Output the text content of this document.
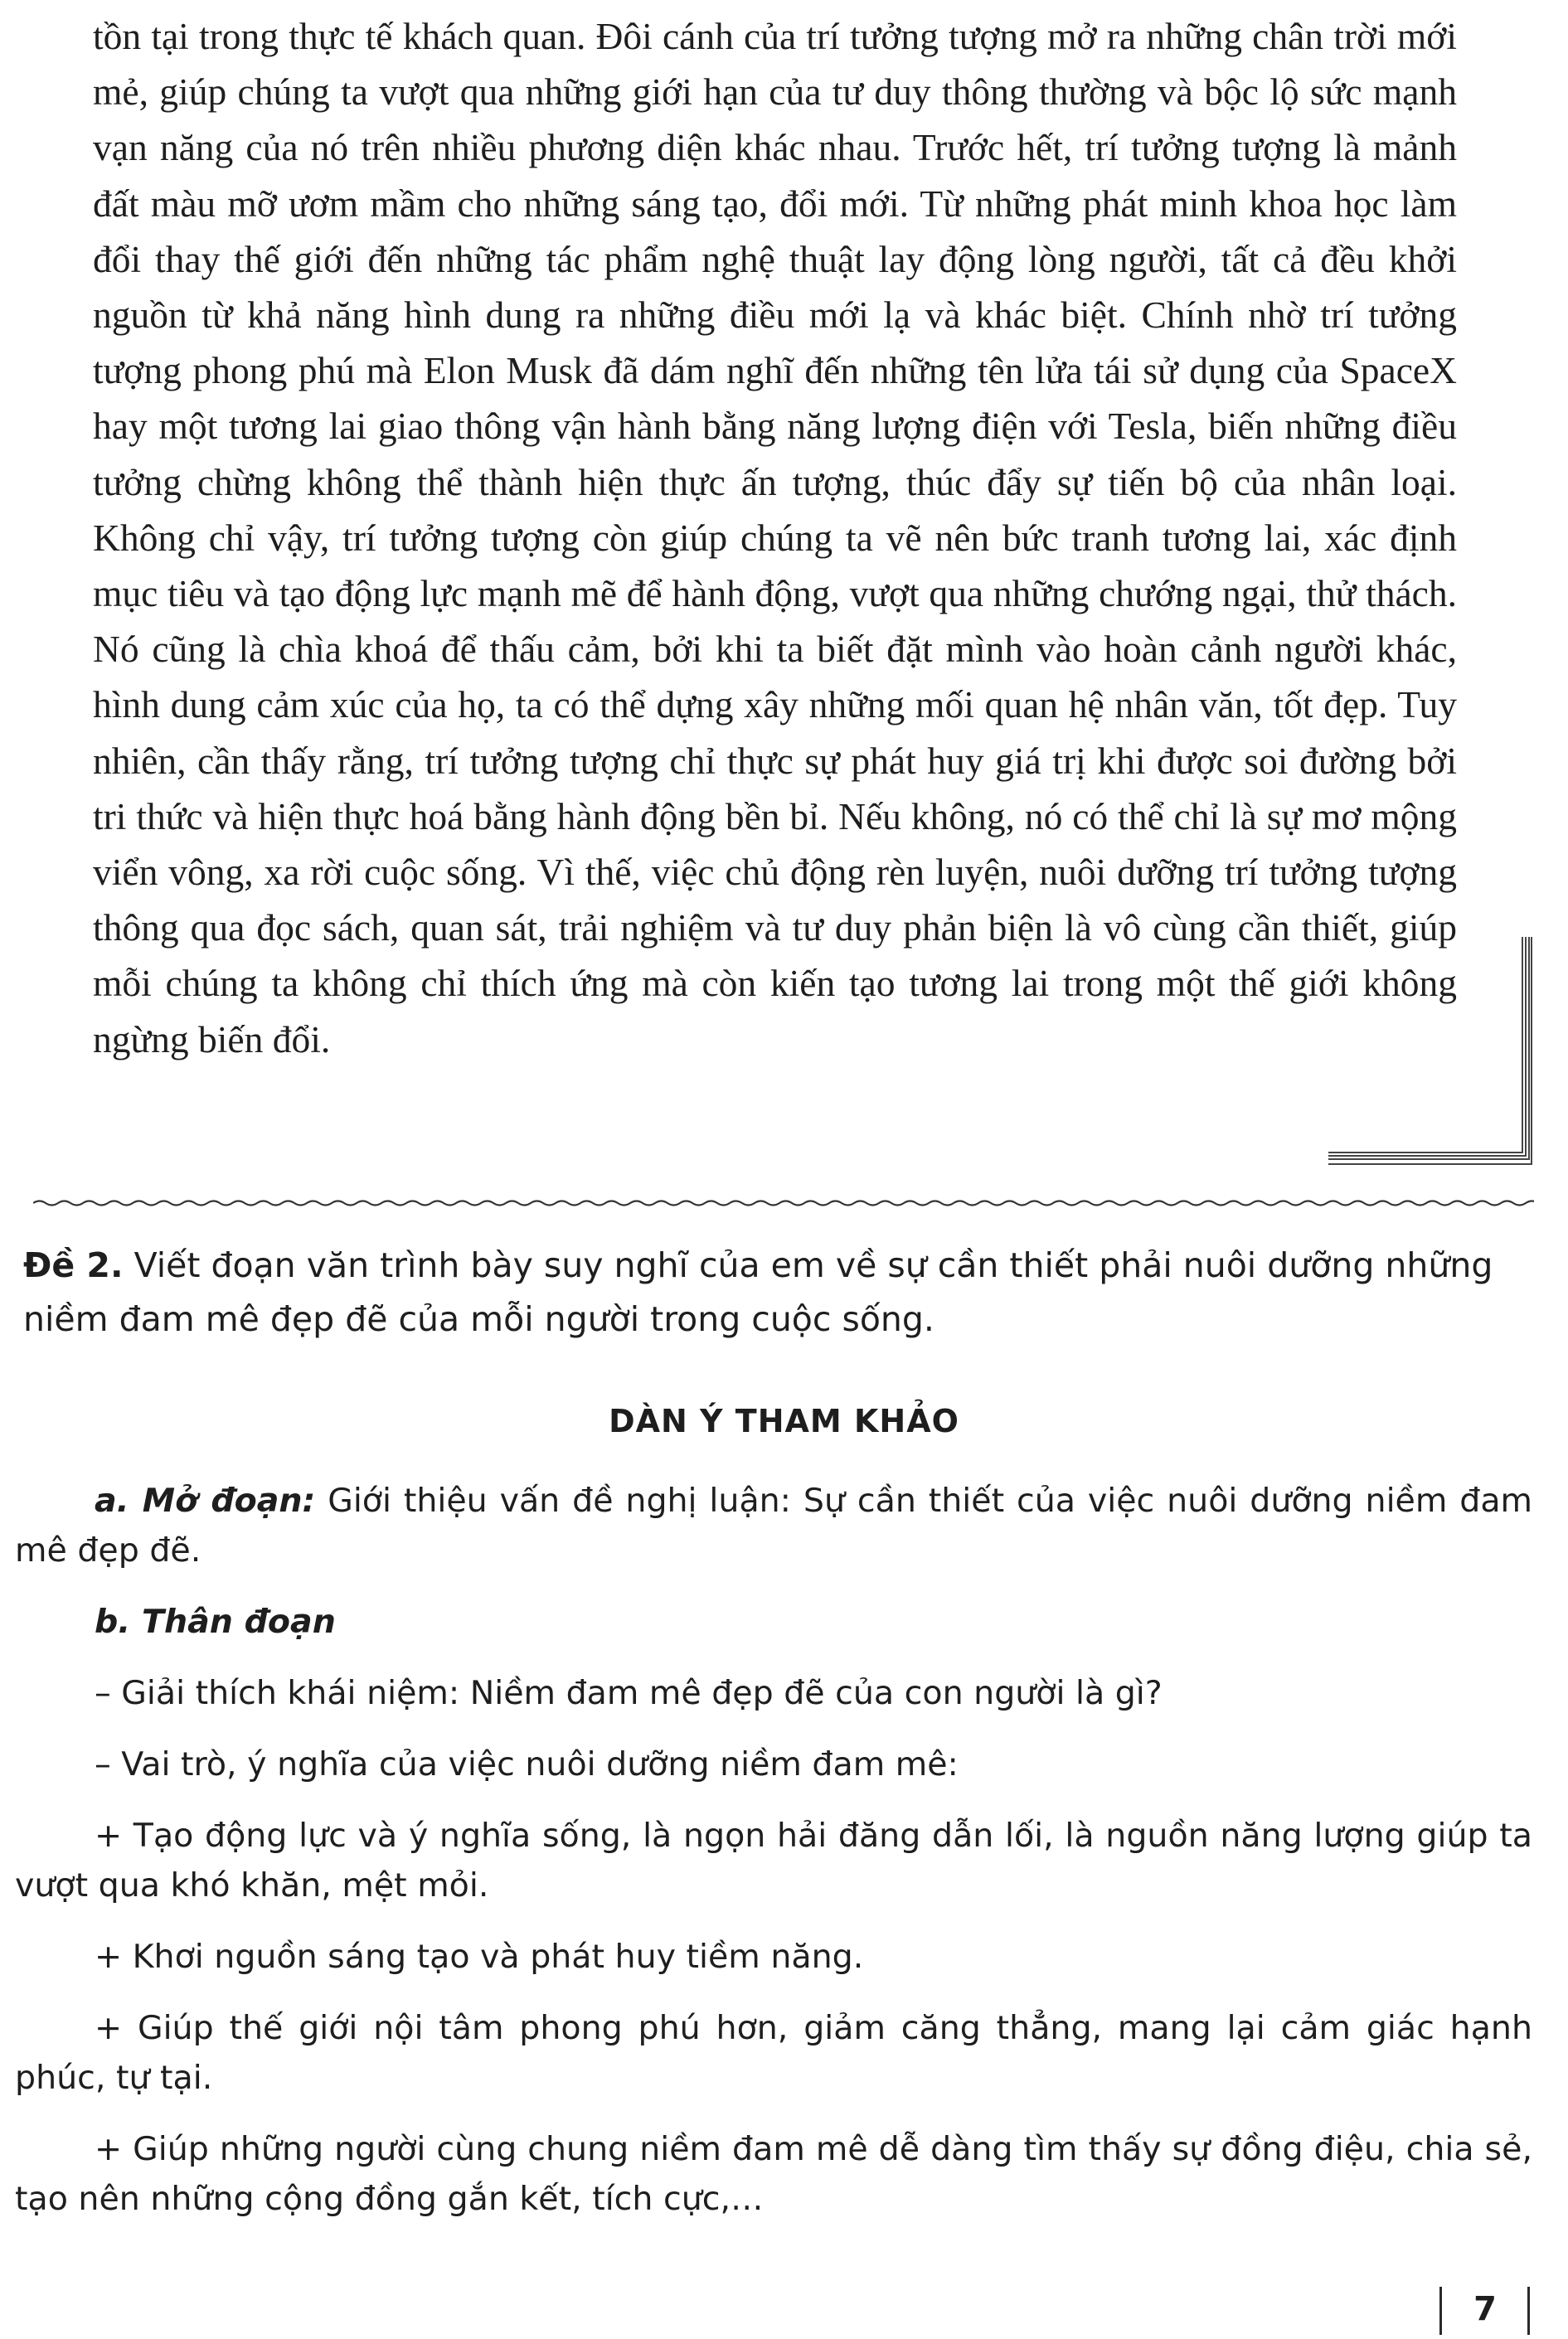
tồn tại trong thực tế khách quan. Đôi cánh của trí tưởng tượng mở ra những chân trời mới mẻ, giúp chúng ta vượt qua những giới hạn của tư duy thông thường và bộc lộ sức mạnh vạn năng của nó trên nhiều phương diện khác nhau. Trước hết, trí tưởng tượng là mảnh đất màu mỡ ươm mầm cho những sáng tạo, đổi mới. Từ những phát minh khoa học làm đổi thay thế giới đến những tác phẩm nghệ thuật lay động lòng người, tất cả đều khởi nguồn từ khả năng hình dung ra những điều mới lạ và khác biệt. Chính nhờ trí tưởng tượng phong phú mà Elon Musk đã dám nghĩ đến những tên lửa tái sử dụng của SpaceX hay một tương lai giao thông vận hành bằng năng lượng điện với Tesla, biến những điều tưởng chừng không thể thành hiện thực ấn tượng, thúc đẩy sự tiến bộ của nhân loại. Không chỉ vậy, trí tưởng tượng còn giúp chúng ta vẽ nên bức tranh tương lai, xác định mục tiêu và tạo động lực mạnh mẽ để hành động, vượt qua những chướng ngại, thử thách. Nó cũng là chìa khoá để thấu cảm, bởi khi ta biết đặt mình vào hoàn cảnh người khác, hình dung cảm xúc của họ, ta có thể dựng xây những mối quan hệ nhân văn, tốt đẹp. Tuy nhiên, cần thấy rằng, trí tưởng tượng chỉ thực sự phát huy giá trị khi được soi đường bởi tri thức và hiện thực hoá bằng hành động bền bỉ. Nếu không, nó có thể chỉ là sự mơ mộng viển vông, xa rời cuộc sống. Vì thế, việc chủ động rèn luyện, nuôi dưỡng trí tưởng tượng thông qua đọc sách, quan sát, trải nghiệm và tư duy phản biện là vô cùng cần thiết, giúp mỗi chúng ta không chỉ thích ứng mà còn kiến tạo tương lai trong một thế giới không ngừng biến đổi.

Đề 2. Viết đoạn văn trình bày suy nghĩ của em về sự cần thiết phải nuôi dưỡng những niềm đam mê đẹp đẽ của mỗi người trong cuộc sống.
DÀN Ý THAM KHẢO

a. Mở đoạn: Giới thiệu vấn đề nghị luận: Sự cần thiết của việc nuôi dưỡng niềm đam mê đẹp đẽ.

b. Thân đoạn

– Giải thích khái niệm: Niềm đam mê đẹp đẽ của con người là gì?

– Vai trò, ý nghĩa của việc nuôi dưỡng niềm đam mê:

+ Tạo động lực và ý nghĩa sống, là ngọn hải đăng dẫn lối, là nguồn năng lượng giúp ta vượt qua khó khăn, mệt mỏi.

+ Khơi nguồn sáng tạo và phát huy tiềm năng.

+ Giúp thế giới nội tâm phong phú hơn, giảm căng thẳng, mang lại cảm giác hạnh phúc, tự tại.

+ Giúp những người cùng chung niềm đam mê dễ dàng tìm thấy sự đồng điệu, chia sẻ, tạo nên những cộng đồng gắn kết, tích cực,…

7
